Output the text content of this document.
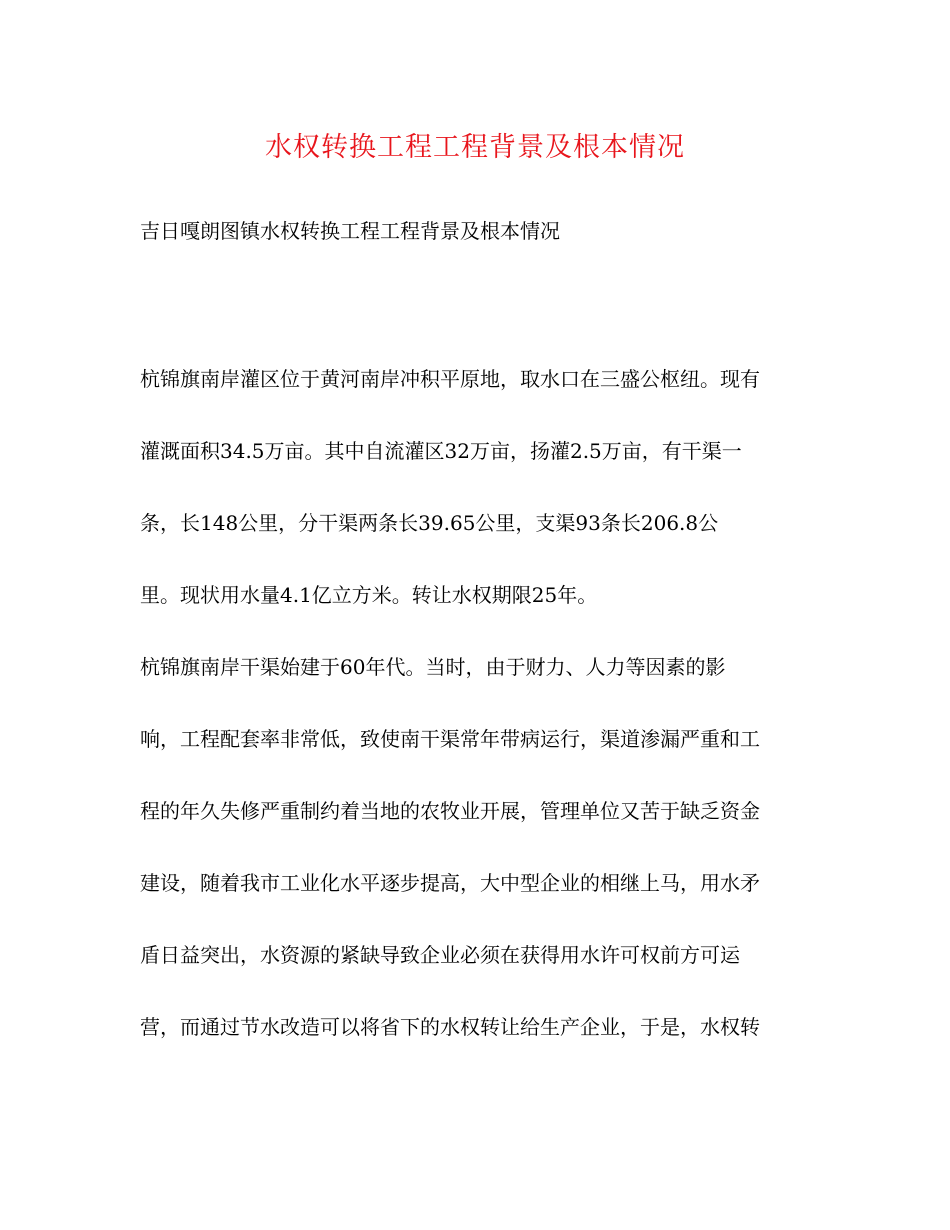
水权转换工程工程背景及根本情况
吉日嘎朗图镇水权转换工程工程背景及根本情况
杭锦旗南岸灌区位于黄河南岸冲积平原地，取水口在三盛公枢纽。现有
灌溉面积34.5万亩。其中自流灌区32万亩，扬灌2.5万亩，有干渠一
条，长148公里，分干渠两条长39.65公里，支渠93条长206.8公
里。现状用水量4.1亿立方米。转让水权期限25年。
杭锦旗南岸干渠始建于60年代。当时，由于财力、人力等因素的影
响，工程配套率非常低，致使南干渠常年带病运行，渠道渗漏严重和工
程的年久失修严重制约着当地的农牧业开展，管理单位又苦于缺乏资金
建设，随着我市工业化水平逐步提高，大中型企业的相继上马，用水矛
盾日益突出，水资源的紧缺导致企业必须在获得用水许可权前方可运
营，而通过节水改造可以将省下的水权转让给生产企业，于是，水权转
